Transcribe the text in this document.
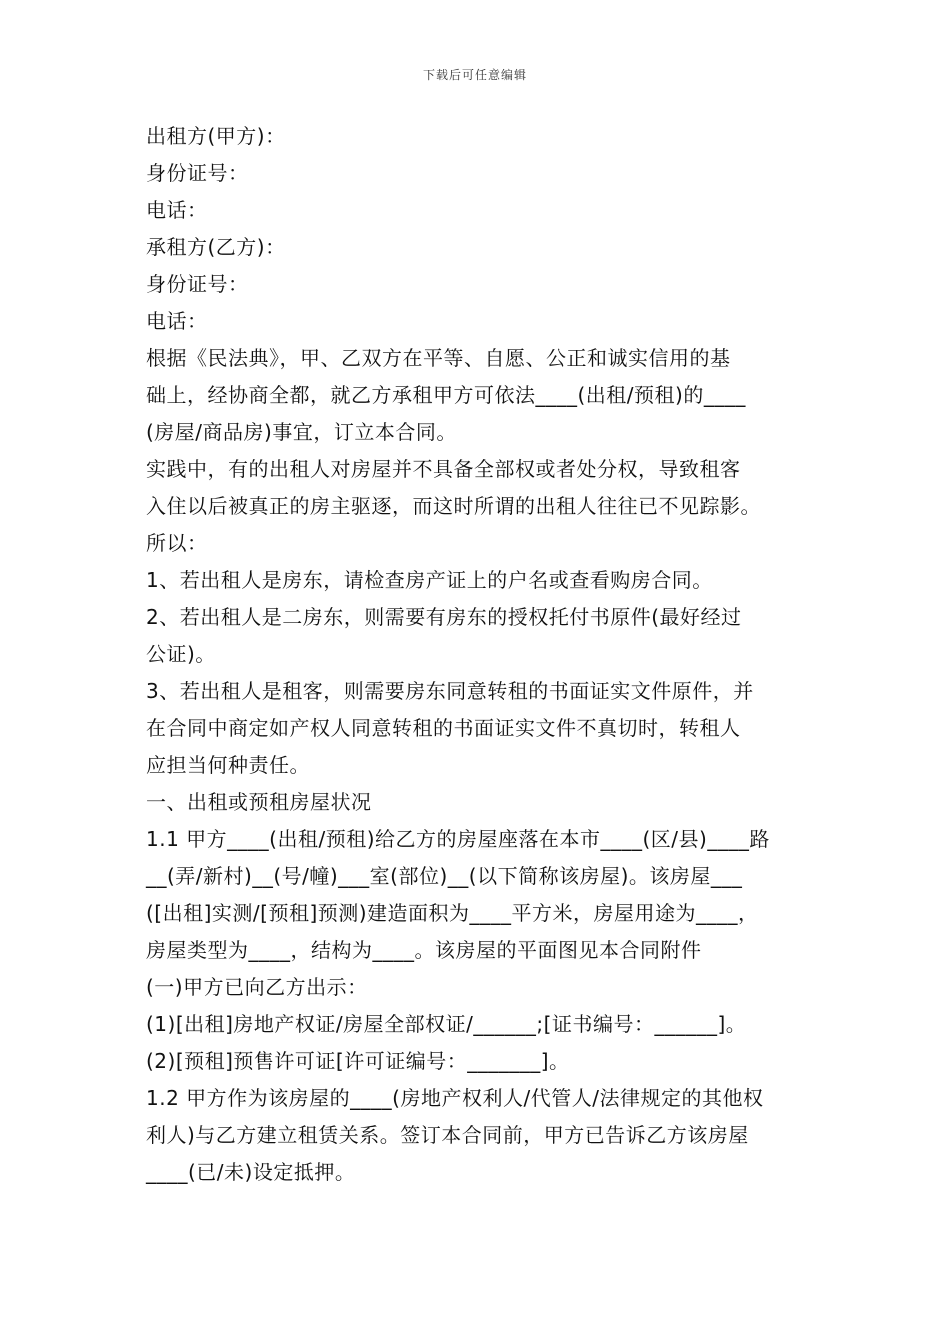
下载后可任意编辑
出租方(甲方)：
身份证号：
电话：
承租方(乙方)：
身份证号：
电话：
根据《民法典》，甲、乙双方在平等、自愿、公正和诚实信用的基
础上，经协商全都，就乙方承租甲方可依法____(出租/预租)的____
(房屋/商品房)事宜，订立本合同。
实践中，有的出租人对房屋并不具备全部权或者处分权，导致租客
入住以后被真正的房主驱逐，而这时所谓的出租人往往已不见踪影。
所以：
1、若出租人是房东，请检查房产证上的户名或查看购房合同。
2、若出租人是二房东，则需要有房东的授权托付书原件(最好经过
公证)。
3、若出租人是租客，则需要房东同意转租的书面证实文件原件，并
在合同中商定如产权人同意转租的书面证实文件不真切时，转租人
应担当何种责任。
一、出租或预租房屋状况
1.1 甲方____(出租/预租)给乙方的房屋座落在本市____(区/县)____路
__(弄/新村)__(号/幢)___室(部位)__(以下简称该房屋)。该房屋___
([出租]实测/[预租]预测)建造面积为____平方米，房屋用途为____，
房屋类型为____，结构为____。该房屋的平面图见本合同附件
(一)甲方已向乙方出示：
(1)[出租]房地产权证/房屋全部权证/______;[证书编号：______]。
(2)[预租]预售许可证[许可证编号：_______]。
1.2 甲方作为该房屋的____(房地产权利人/代管人/法律规定的其他权
利人)与乙方建立租赁关系。签订本合同前，甲方已告诉乙方该房屋
____(已/未)设定抵押。
